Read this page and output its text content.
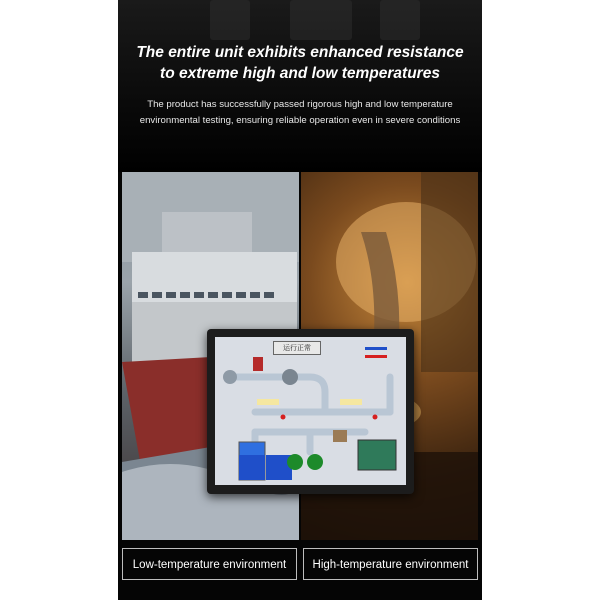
The entire unit exhibits enhanced resistance
to extreme high and low temperatures
The product has successfully passed rigorous high and low temperature
environmental testing, ensuring reliable operation even in severe conditions
运行正常
Low-temperature environment	High-temperature environment
